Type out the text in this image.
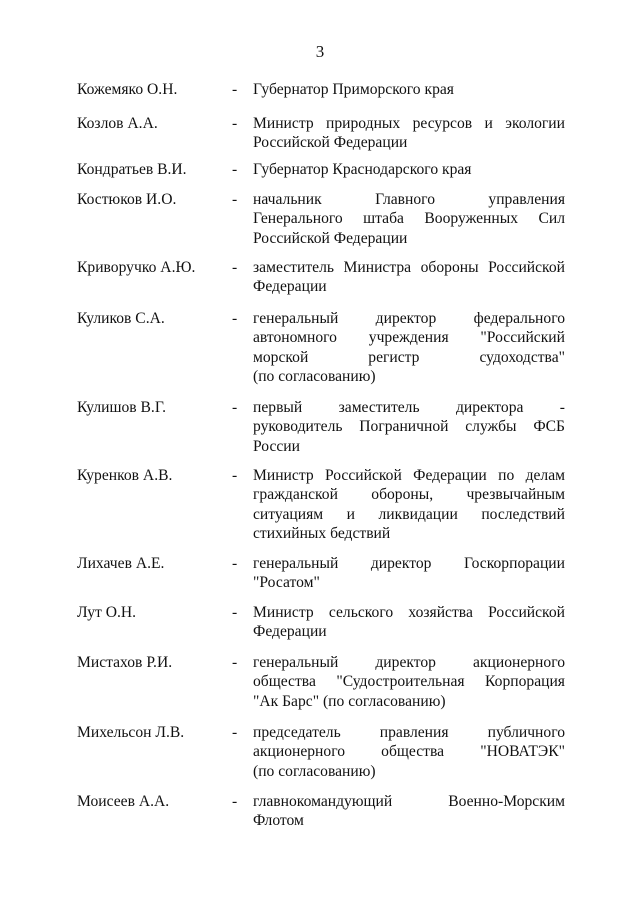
3
Кожемяко О.Н.	- Губернатор Приморского края
Козлов А.А.	- Министр природных ресурсов и экологии
Российской Федерации
Кондратьев В.И.	- Губернатор Краснодарского края
Костюков И.О.	- начальник Главного управления
Генерального штаба Вооруженных Сил
Российской Федерации
Криворучко А.Ю. - заместитель Министра обороны Российской
Федерации
Куликов С.А.	- генеральный директор федерального
автономного учреждения "Российский
морской регистр судоходства"
(по согласованию)
Кулишов В.Г.	- первый заместитель директора -
руководитель Пограничной службы ФСБ
России
Куренков А.В.	- Министр Российской Федерации по делам
гражданской обороны, чрезвычайным
ситуациям и ликвидации последствий
стихийных бедствий
Лихачев А.Е.	- генеральный директор Госкорпорации
"Росатом"
Лут О.Н.	- Министр сельского хозяйства Российской
Федерации
Мистахов Р.И.	- генеральный директор акционерного
общества "Судостроительная Корпорация
"Ак Барс" (по согласованию)
Михельсон Л.В.	- председатель правления публичного
акционерного общества "НОВАТЭК"
(по согласованию)
Моисеев А.А.	- главнокомандующий Военно-Морским
Флотом
